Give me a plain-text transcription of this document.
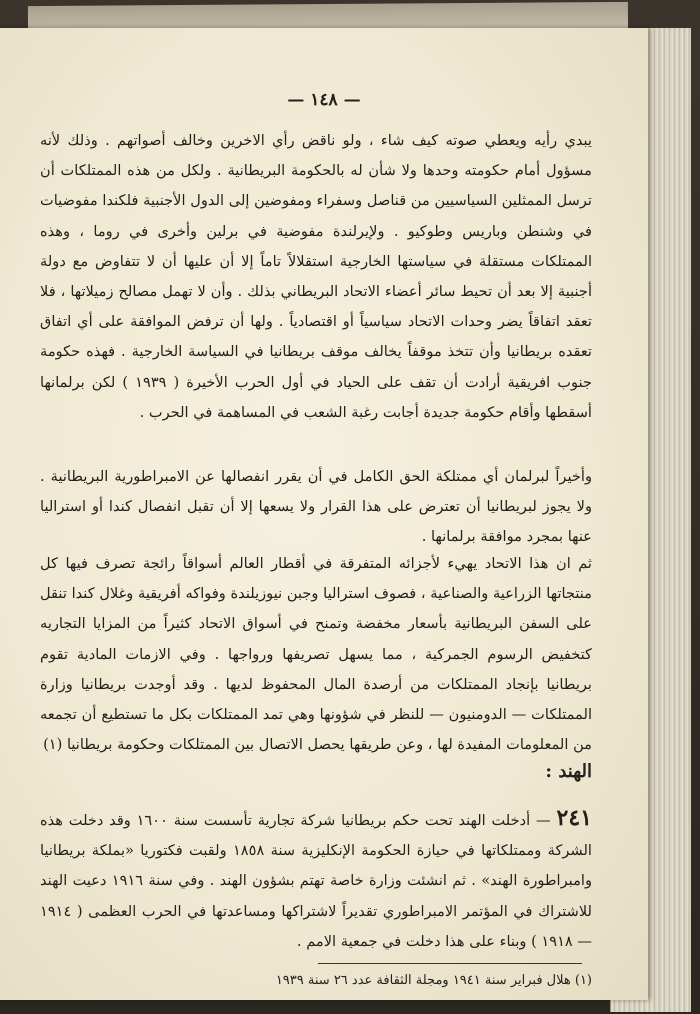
— ١٤٨ —

يبدي رأيه ويعطي صوته كيف شاء ، ولو ناقض رأي الاخرين وخالف أصواتهم . وذلك لأنه مسؤول أمام حكومته وحدها ولا شأن له بالحكومة البريطانية . ولكل من هذه الممتلكات أن ترسل الممثلين السياسيين من قناصل وسفراء ومفوضين إلى الدول الأجنبية فلكندا مفوضيات في وشنطن وباريس وطوكيو . ولإيرلندة مفوضية في برلين وأخرى في روما ، وهذه الممتلكات مستقلة في سياستها الخارجية استقلالاً تاماً إلا أن عليها أن لا تتفاوض مع دولة أجنبية إلا بعد أن تحيط سائر أعضاء الاتحاد البريطاني بذلك . وأن لا تهمل مصالح زميلاتها ، فلا تعقد اتفاقاً يضر وحدات الاتحاد سياسياً أو اقتصادياً . ولها أن ترفض الموافقة على أي اتفاق تعقده بريطانيا وأن تتخذ موقفاً يخالف موقف بريطانيا في السياسة الخارجية . فهذه حكومة جنوب افريقية أرادت أن تقف على الحياد في أول الحرب الأخيرة ( ١٩٣٩ ) لكن برلمانها أسقطها وأقام حكومة جديدة أجابت رغبة الشعب في المساهمة في الحرب .

وأخيراً لبرلمان أي ممتلكة الحق الكامل في أن يقرر انفصالها عن الامبراطورية البريطانية . ولا يجوز لبريطانيا أن تعترض على هذا القرار ولا يسعها إلا أن تقبل انفصال كندا أو استراليا عنها بمجرد موافقة برلمانها .

ثم ان هذا الاتحاد يهيء لأجزائه المتفرقة في أقطار العالم أسواقاً رائجة تصرف فيها كل منتجاتها الزراعية والصناعية ، فصوف استراليا وجبن نيوزيلندة وفواكه أفريقية وغلال كندا تنقل على السفن البريطانية بأسعار مخفضة وتمنح في أسواق الاتحاد كثيراً من المزايا التجاريه كتخفيض الرسوم الجمركية ، مما يسهل تصريفها ورواجها . وفي الازمات المادية تقوم بريطانيا بإنجاد الممتلكات من أرصدة المال المحفوظ لديها . وقد أوجدت بريطانيا وزارة الممتلكات — الدومنيون — للنظر في شؤونها وهي تمد الممتلكات بكل ما تستطيع أن تجمعه من المعلومات المفيدة لها ، وعن طريقها يحصل الاتصال بين الممتلكات وحكومة بريطانيا (١)

الهند :

٢٤١— أدخلت الهند تحت حكم بريطانيا شركة تجارية تأسست سنة ١٦٠٠ وقد دخلت هذه الشركة وممتلكاتها في حيازة الحكومة الإنكليزية سنة ١٨٥٨ ولقبت فكتوريا «بملكة بريطانيا وامبراطورة الهند» . ثم انشئت وزارة خاصة تهتم بشؤون الهند . وفي سنة ١٩١٦ دعيت الهند للاشتراك في المؤتمر الامبراطوري تقديراً لاشتراكها ومساعدتها في الحرب العظمى ( ١٩١٤ — ١٩١٨ ) وبناء على هذا دخلت في جمعية الامم .

(١) هلال فبراير سنة ١٩٤١ ومجلة الثقافة عدد ٢٦ سنة ١٩٣٩
